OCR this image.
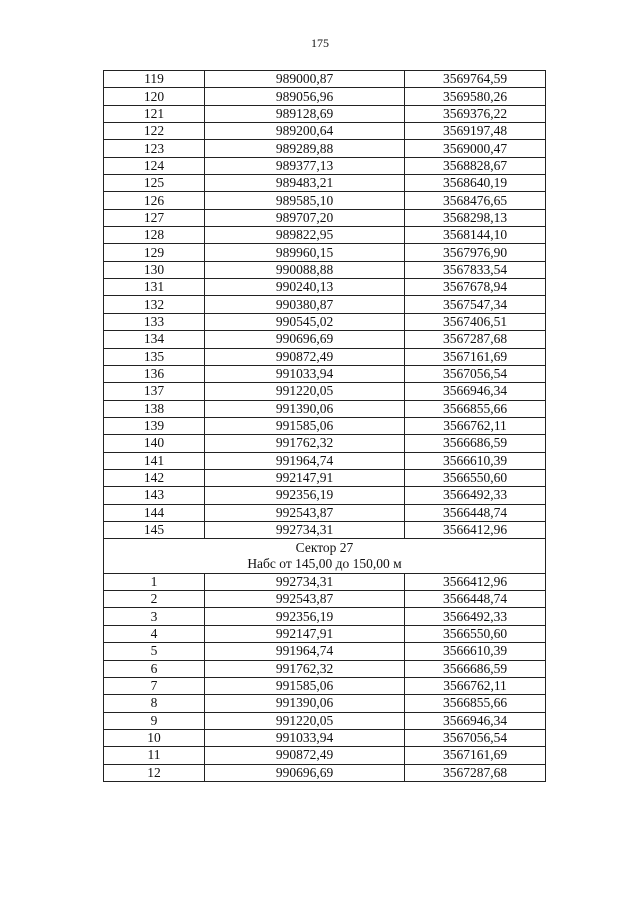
175
119	989000,87	3569764,59
120	989056,96	3569580,26
121	989128,69	3569376,22
122	989200,64	3569197,48
123	989289,88	3569000,47
124	989377,13	3568828,67
125	989483,21	3568640,19
126	989585,10	3568476,65
127	989707,20	3568298,13
128	989822,95	3568144,10
129	989960,15	3567976,90
130	990088,88	3567833,54
131	990240,13	3567678,94
132	990380,87	3567547,34
133	990545,02	3567406,51
134	990696,69	3567287,68
135	990872,49	3567161,69
136	991033,94	3567056,54
137	991220,05	3566946,34
138	991390,06	3566855,66
139	991585,06	3566762,11
140	991762,32	3566686,59
141	991964,74	3566610,39
142	992147,91	3566550,60
143	992356,19	3566492,33
144	992543,87	3566448,74
145	992734,31	3566412,96

Сектор 27
Набс от 145,00 до 150,00 м		

1	992734,31	3566412,96
2	992543,87	3566448,74
3	992356,19	3566492,33
4	992147,91	3566550,60
5	991964,74	3566610,39
6	991762,32	3566686,59
7	991585,06	3566762,11
8	991390,06	3566855,66
9	991220,05	3566946,34
10	991033,94	3567056,54
11	990872,49	3567161,69
12	990696,69	3567287,68
